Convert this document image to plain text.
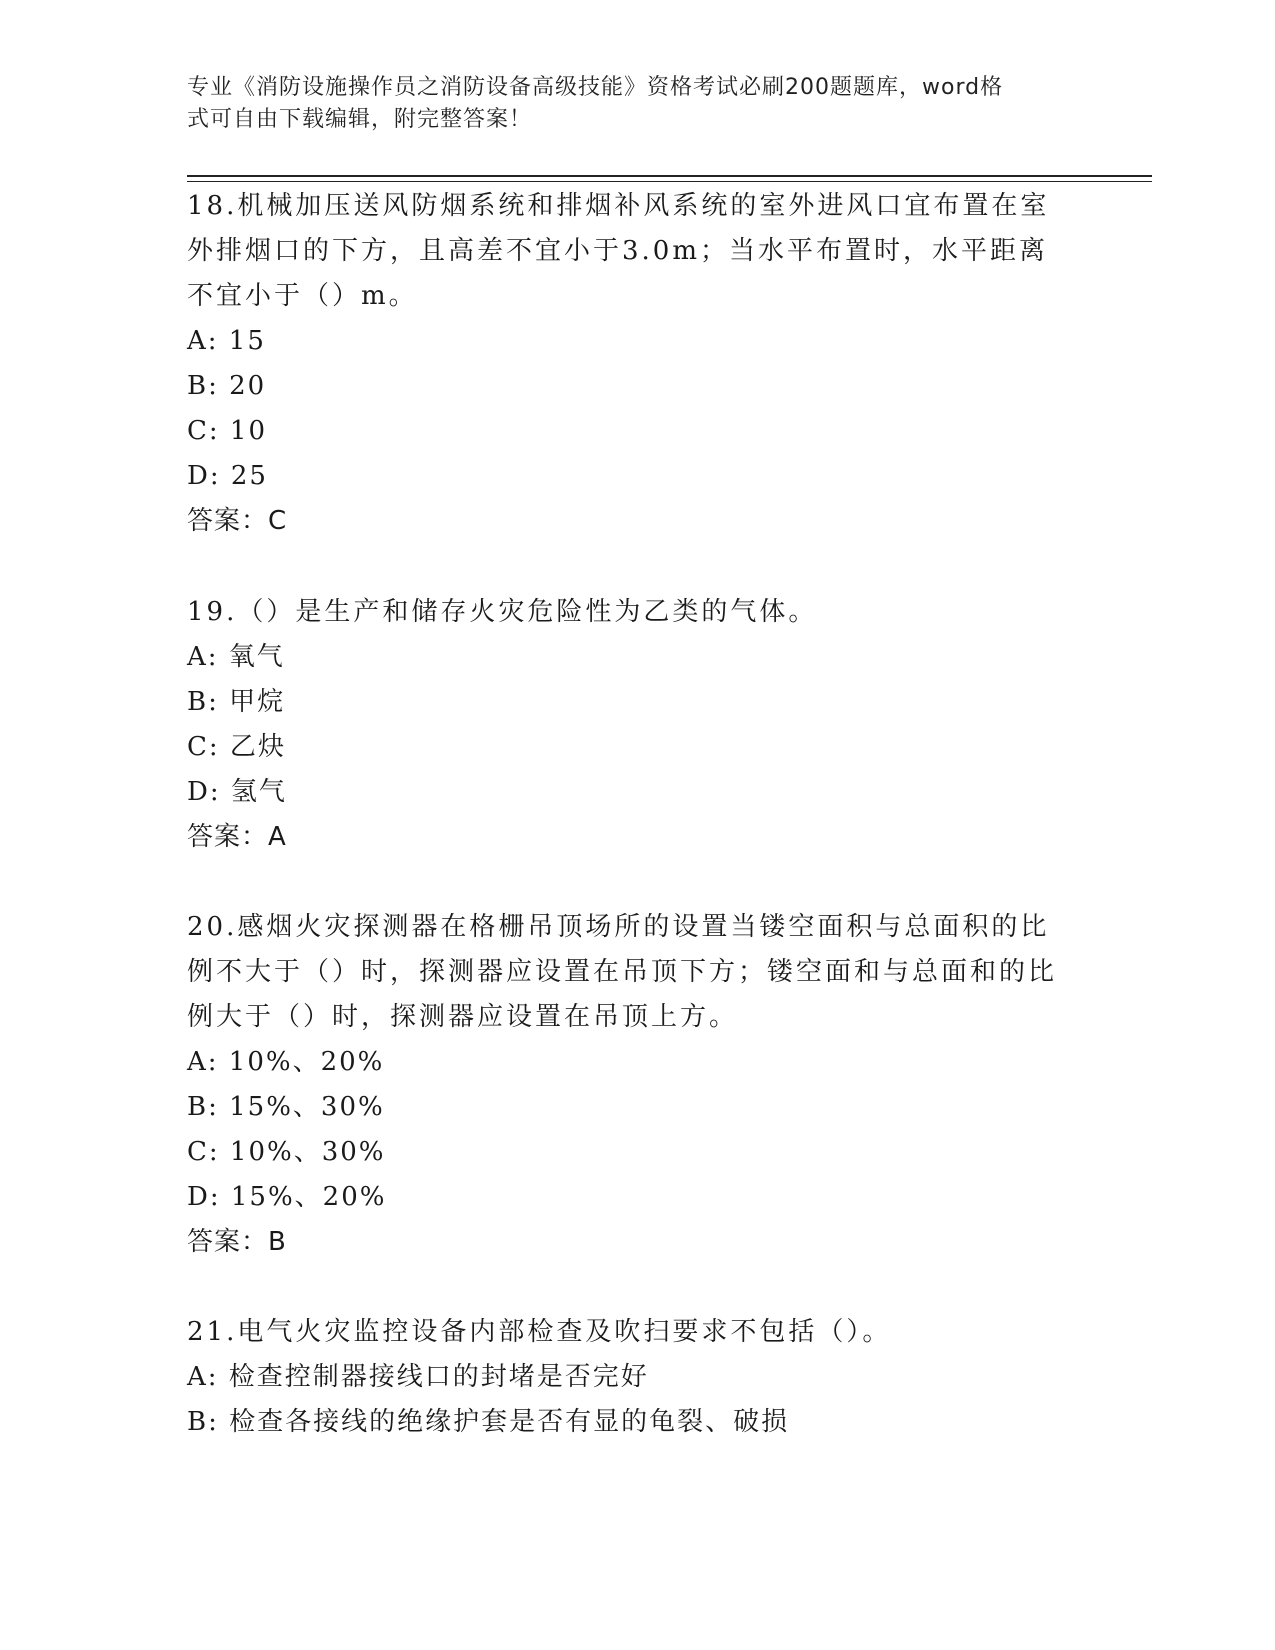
专业《消防设施操作员之消防设备高级技能》资格考试必刷200题题库，word格
式可自由下载编辑，附完整答案！

18.机械加压送风防烟系统和排烟补风系统的室外进风口宜布置在室外排烟口的下方，且高差不宜小于3.0m；当水平布置时，水平距离不宜小于（）m。

A: 15

B: 20

C: 10

D: 25

答案：C

19.（）是生产和储存火灾危险性为乙类的气体。

A: 氧气

B: 甲烷

C: 乙炔

D: 氢气

答案：A

20.感烟火灾探测器在格栅吊顶场所的设置当镂空面积与总面积的比例不大于（）时，探测器应设置在吊顶下方；镂空面和与总面和的比例大于（）时，探测器应设置在吊顶上方。

A: 10%、20%

B: 15%、30%

C: 10%、30%

D: 15%、20%

答案：B

21.电气火灾监控设备内部检查及吹扫要求不包括（）。

A: 检查控制器接线口的封堵是否完好

B: 检查各接线的绝缘护套是否有显的龟裂、破损
